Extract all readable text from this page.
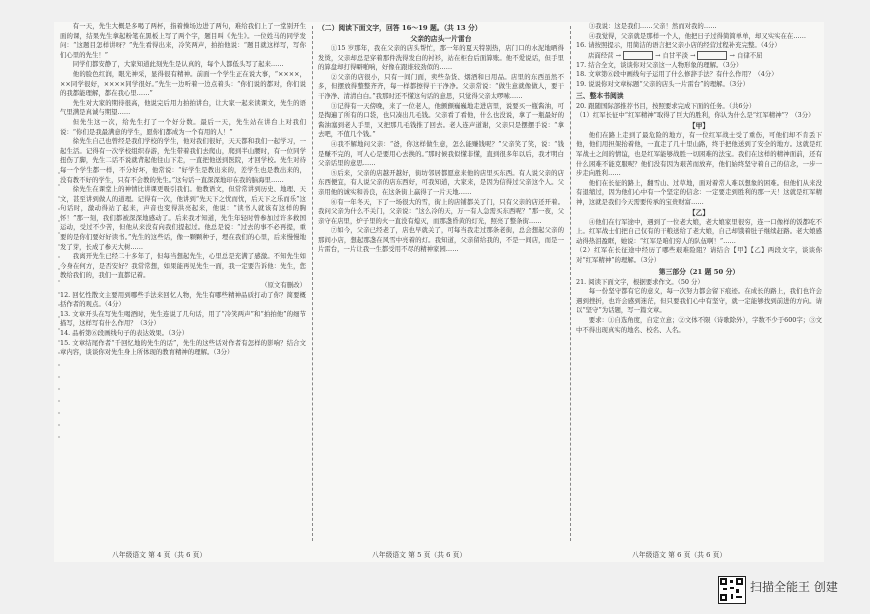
有一天，先生大概是多喝了两杯，指着操场边进了两句，难给我们上了一堂别开生面的课，结果先生拿起粉笔在黑板上写了两个字，题目叫《先生》。一位姓马的同学发问：“这题目怎样讲呀？”先生看得出来，冷笑两声，拍拍他说：“题目就这样写，写你们心里的先生！”

同学们都安静了，大家知道此刻先生是认真的，每个人都低头写了起来……

他的脸色红润，眼光神采，显得很有精神。前面一个学生正在说大事，“××××，××同学很好，××××同学很好。”先生一边听着一边点着头：“你们说的都对，你们说的我都能理解，都在我心里……”

先生对大家的期待很高，他说完后用力拍拍讲台，让大家一起来读课文，先生的语气里满是真诚与期望……

但先生这一次，给先生打了一个好分数。最后一天，先生站在讲台上对我们说：“你们是我最满意的学生，愿你们都成为一个有用的人！”

徐先生自己也曾经是我们学校的学生，他对我们很好，天天都和我们一起学习，一起生活。记得有一次学校组织春游，先生带着我们去爬山，爬到半山腰时，有一位同学扭伤了脚，先生二话不说就背起他往山下走，一直把他送到医院，才回学校。先生对待每一个学生都一样，不分好坏，他常说：“好学生是教出来的，差学生也是教出来的，没有教不好的学生，只有不会教的先生。”这句话一直深深地印在我的脑海里……

徐先生在课堂上的神情比讲课更吸引我们。他教语文，但常常讲到历史、地理、天文，甚至讲到做人的道理。记得有一次，他讲到“先天下之忧而忧，后天下之乐而乐”这句话时，激动得站了起来，声音也变得洪亮起来，他说：“读书人就该有这样的胸怀！”那一刻，我们都被深深地感动了。后来我才知道，先生年轻时曾参加过许多救国运动，受过不少苦，但他从来没有向我们提起过。他总是说：“过去的事不必再提，重要的是你们要好好读书。”先生的这些话，像一颗颗种子，埋在我们的心里，后来慢慢地发了芽，长成了参天大树……

我离开先生已经二十多年了，但每当想起先生，心里总是充满了感激。不知先生如今身在何方，是否安好？我常常想，如果能再见先生一面，我一定要告诉他：先生，您教给我们的，我们一直都记着。

（原文有删改）

12. 回忆性散文主要用到哪些手法来回忆人物，先生有哪些精神品质打动了你？简要概括作者的观点。（4分）

13. 文章开头在写先生喝酒时，先生连说了几句话，用了“冷笑两声”和“拍拍他”的细节描写，这样写有什么作用？（3分）

14. 品析第⑥段画线句子的表达效果。（3分）

15. 文章结尾作者“千回忆地的先生的话”，先生的这些话对作者有怎样的影响？结合文章内容，谈谈你对先生身上所体现的教育精神的理解。（3分）

八年级语文 第 4 页（共 6 页）
（二）阅读下面文字，回答 16～19 题。（共 13 分）
父亲的店头一片雷台

①15 岁那年，我在父亲的店头帮忙，那一年的夏天特别热，店门口的水泥地晒得发烫，父亲却总是穿着那件洗得发白的衬衫，站在柜台后面算账。他不爱说话，但手里的算盘却打得噼啪响，好像在跟谁较劲似的……

②父亲的店很小，只有一间门面，卖些杂货、烟酒和日用品。店里的东西虽然不多，但摆放得整整齐齐，每一样都擦得干干净净。父亲常说：“做生意就像做人，要干干净净、清清白白。”我那时还不懂这句话的意思，只觉得父亲太啰嗦……

③记得有一天傍晚，来了一位老人，他颤颤巍巍地走进店里，说要买一瓶酱油，可是掏遍了所有的口袋，也只凑出几毛钱。父亲看了看他，什么也没说，拿了一瓶最好的酱油塞到老人手里，又把那几毛钱推了回去。老人连声道谢，父亲只是摆摆手说：“拿去吧，不值几个钱。”

④我不解地问父亲：“爸，你这样做生意，怎么能赚钱呢？”父亲笑了笑，说：“钱是赚不完的，可人心是要用心去换的。”那时候我似懂非懂，直到很多年以后，我才明白父亲话里的意思……

⑤后来，父亲的店越开越好，街坊邻居都愿意来他的店里买东西。有人说父亲的店东西便宜，有人说父亲的店东西好，可我知道，大家来，是因为信得过父亲这个人。父亲用他的诚实和善良，在这条街上赢得了一片天地……

⑥有一年冬天，下了一场很大的雪，街上的店铺都关了门，只有父亲的店还开着。我问父亲为什么不关门，父亲说：“这么冷的天，万一有人急需买东西呢？”那一夜，父亲守在店里，炉子里的火一直没有熄灭，而那盏昏黄的灯光，照亮了整条街……

⑦如今，父亲已经老了，店也早就关了，可每当我走过那条老街，总会想起父亲的那间小店，想起那盏在风雪中亮着的灯。我知道，父亲留给我的，不是一间店，而是一片雷台，一片让我一生都受用不尽的精神家园……

八年级语文 第 5 页（共 6 页）

③我说：这是我们……父亲！然而对我的……

④我觉得，父亲就是那样一个人，他把日子过得简简单单，却又实实在在……

16. 请按照提示，用简洁的语言把父亲小店的经营过程补充完整。（4分）

店面经营 →	→ 自甘平淡 →	→ 自律不屈

17. 结合全文，谈谈你对父亲这一人物形象的理解。（3分）

18. 文章第⑥段中画线句子运用了什么修辞手法？有什么作用？（4分）

19. 说说你对文章标题“父亲的店头一片雷台”的理解。（3分）

三、整本书阅读

20. 跟随国际部推荐书目，按照要求完成下面的任务。（共6分）

（1）红军长征中“红军精神”取得了巨大的胜利，你认为什么是“红军精神”？（3分）

【甲】

他们在路上走到了最危险的地方，有一位红军战士受了重伤，可他们却不肯丢下他，他们用担架抬着他，一直走了几十里山路，终于把他送到了安全的地方。这就是红军战士之间的情谊，也是红军能够战胜一切困难的法宝。我们在这样的精神面前，还有什么困难不能克服呢？他们没有因为艰苦而放弃，他们始终坚守着自己的信念，一步一步走向胜利……

他们在长征的路上，翻雪山、过草地，面对着常人难以想象的困难。但他们从来没有退缩过，因为他们心中有一个坚定的信念：一定要走到胜利的那一天！这就是红军精神，这就是我们今天需要传承的宝贵财富……

【乙】

④他们在行军途中，遇到了一位老大娘，老大娘家里很穷，连一口像样的饭都吃不上。红军战士们把自己仅有的干粮送给了老大娘，自己却饿着肚子继续赶路。老大娘感动得热泪盈眶，她说：“红军是咱们穷人的队伍啊！”……

（2）红军在长征途中经历了哪些艰难险阻？请结合【甲】【乙】两段文字，谈谈你对“红军精神”的理解。（3分）

第三部分（21 题 50 分）

21. 阅读下面文字，根据要求作文。（50 分）

每一份坚守都有它的意义，每一次努力都会留下痕迹。在成长的路上，我们也许会遇到挫折，也许会感到迷茫，但只要我们心中有坚守，就一定能够找到前进的方向。请以“坚守”为话题，写一篇文章。

要求：①自选角度，自定立意；②文体不限（诗歌除外），字数不少于600字；③文中不得出现真实的地名、校名、人名。

八年级语文 第 6 页（共 6 页）
扫描全能王 创建
